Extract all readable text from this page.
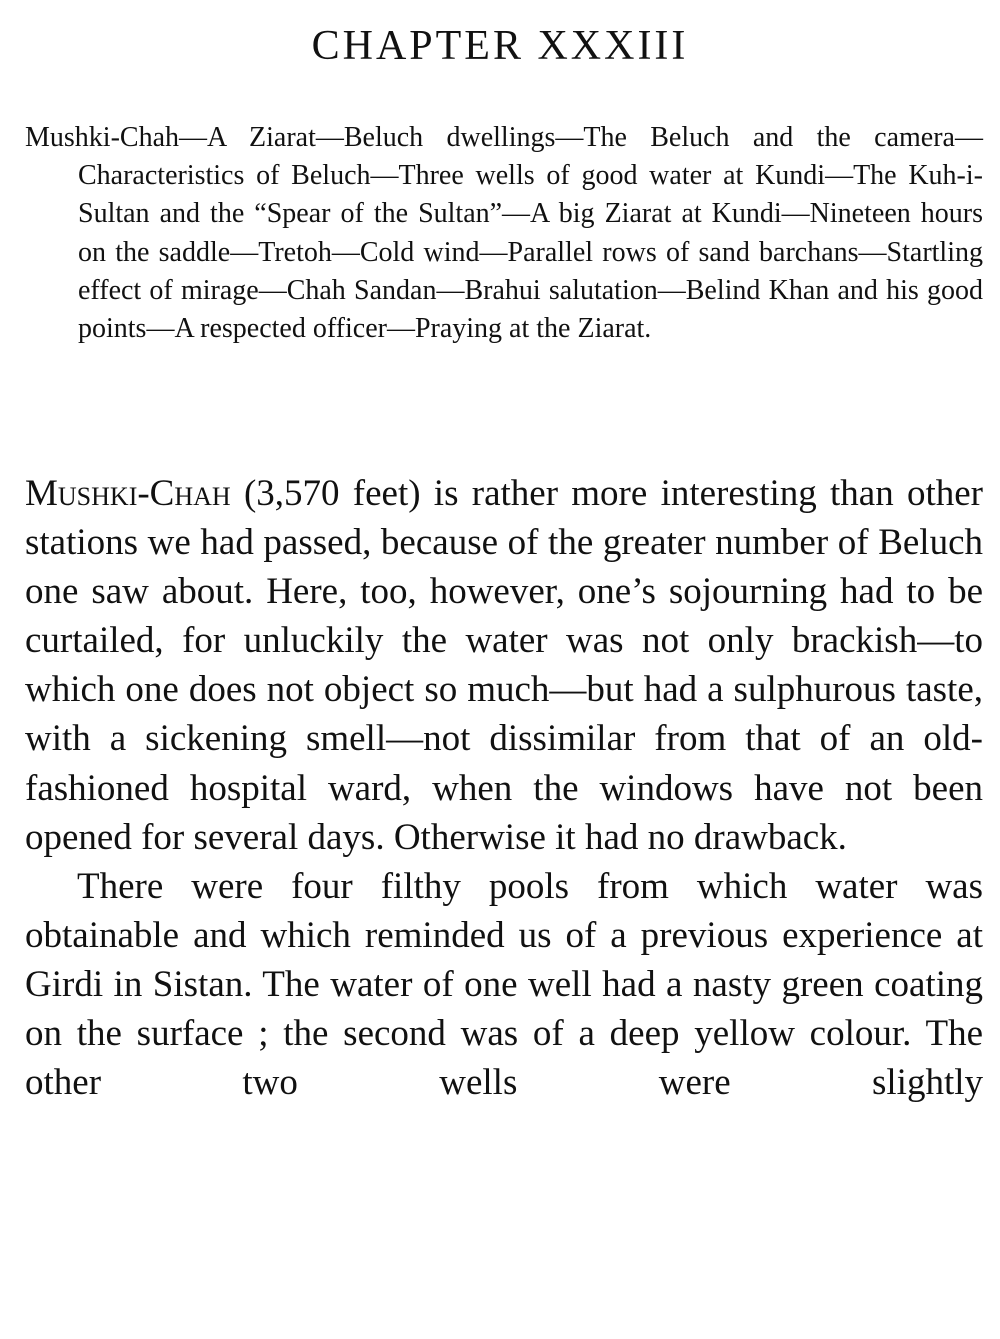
CHAPTER XXXIII

Mushki-Chah—A Ziarat—Beluch dwellings—The Beluch and the camera—Characteristics of Beluch—Three wells of good water at Kundi—The Kuh-i-Sultan and the “Spear of the Sultan”—A big Ziarat at Kundi—Nineteen hours on the saddle—Tretoh—Cold wind—Parallel rows of sand barchans—Startling effect of mirage—Chah Sandan—Brahui salutation—Belind Khan and his good points—A respected officer—Praying at the Ziarat.

Mushki-Chah (3,570 feet) is rather more interesting than other stations we had passed, because of the greater number of Beluch one saw about. Here, too, however, one’s sojourning had to be curtailed, for unluckily the water was not only brackish—to which one does not object so much—but had a sulphurous taste, with a sickening smell—not dissimilar from that of an old-fashioned hospital ward, when the windows have not been opened for several days. Otherwise it had no drawback.

There were four filthy pools from which water was obtainable and which reminded us of a previous experience at Girdi in Sistan. The water of one well had a nasty green coating on the surface ; the second was of a deep yellow colour. The other two wells were slightly
